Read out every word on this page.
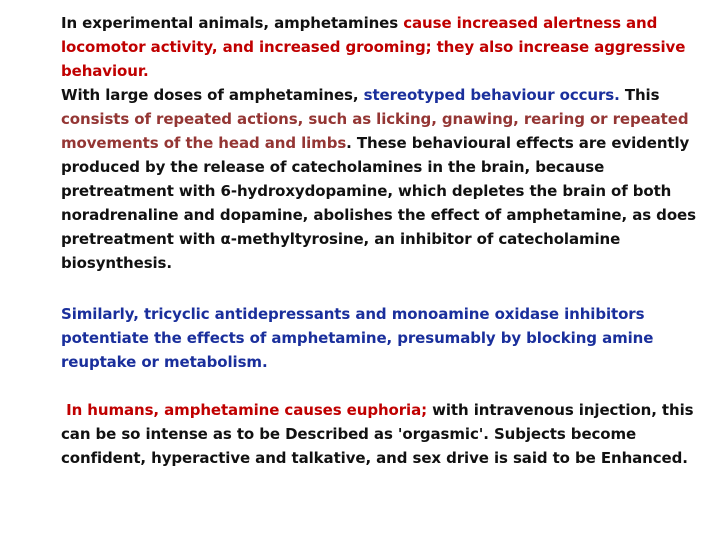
In experimental animals, amphetamines cause increased alertness and locomotor activity, and increased grooming; they also increase aggressive behaviour.
With large doses of amphetamines, stereotyped behaviour occurs. This consists of repeated actions, such as licking, gnawing, rearing or repeated movements of the head and limbs. These behavioural effects are evidently produced by the release of catecholamines in the brain, because pretreatment with 6-hydroxydopamine, which depletes the brain of both noradrenaline and dopamine, abolishes the effect of amphetamine, as does pretreatment with α-methyltyrosine, an inhibitor of catecholamine biosynthesis.
Similarly, tricyclic antidepressants and monoamine oxidase inhibitors potentiate the effects of amphetamine, presumably by blocking amine reuptake or metabolism.
In humans, amphetamine causes euphoria; with intravenous injection, this can be so intense as to be Described as 'orgasmic'. Subjects become confident, hyperactive and talkative, and sex drive is said to be Enhanced.
